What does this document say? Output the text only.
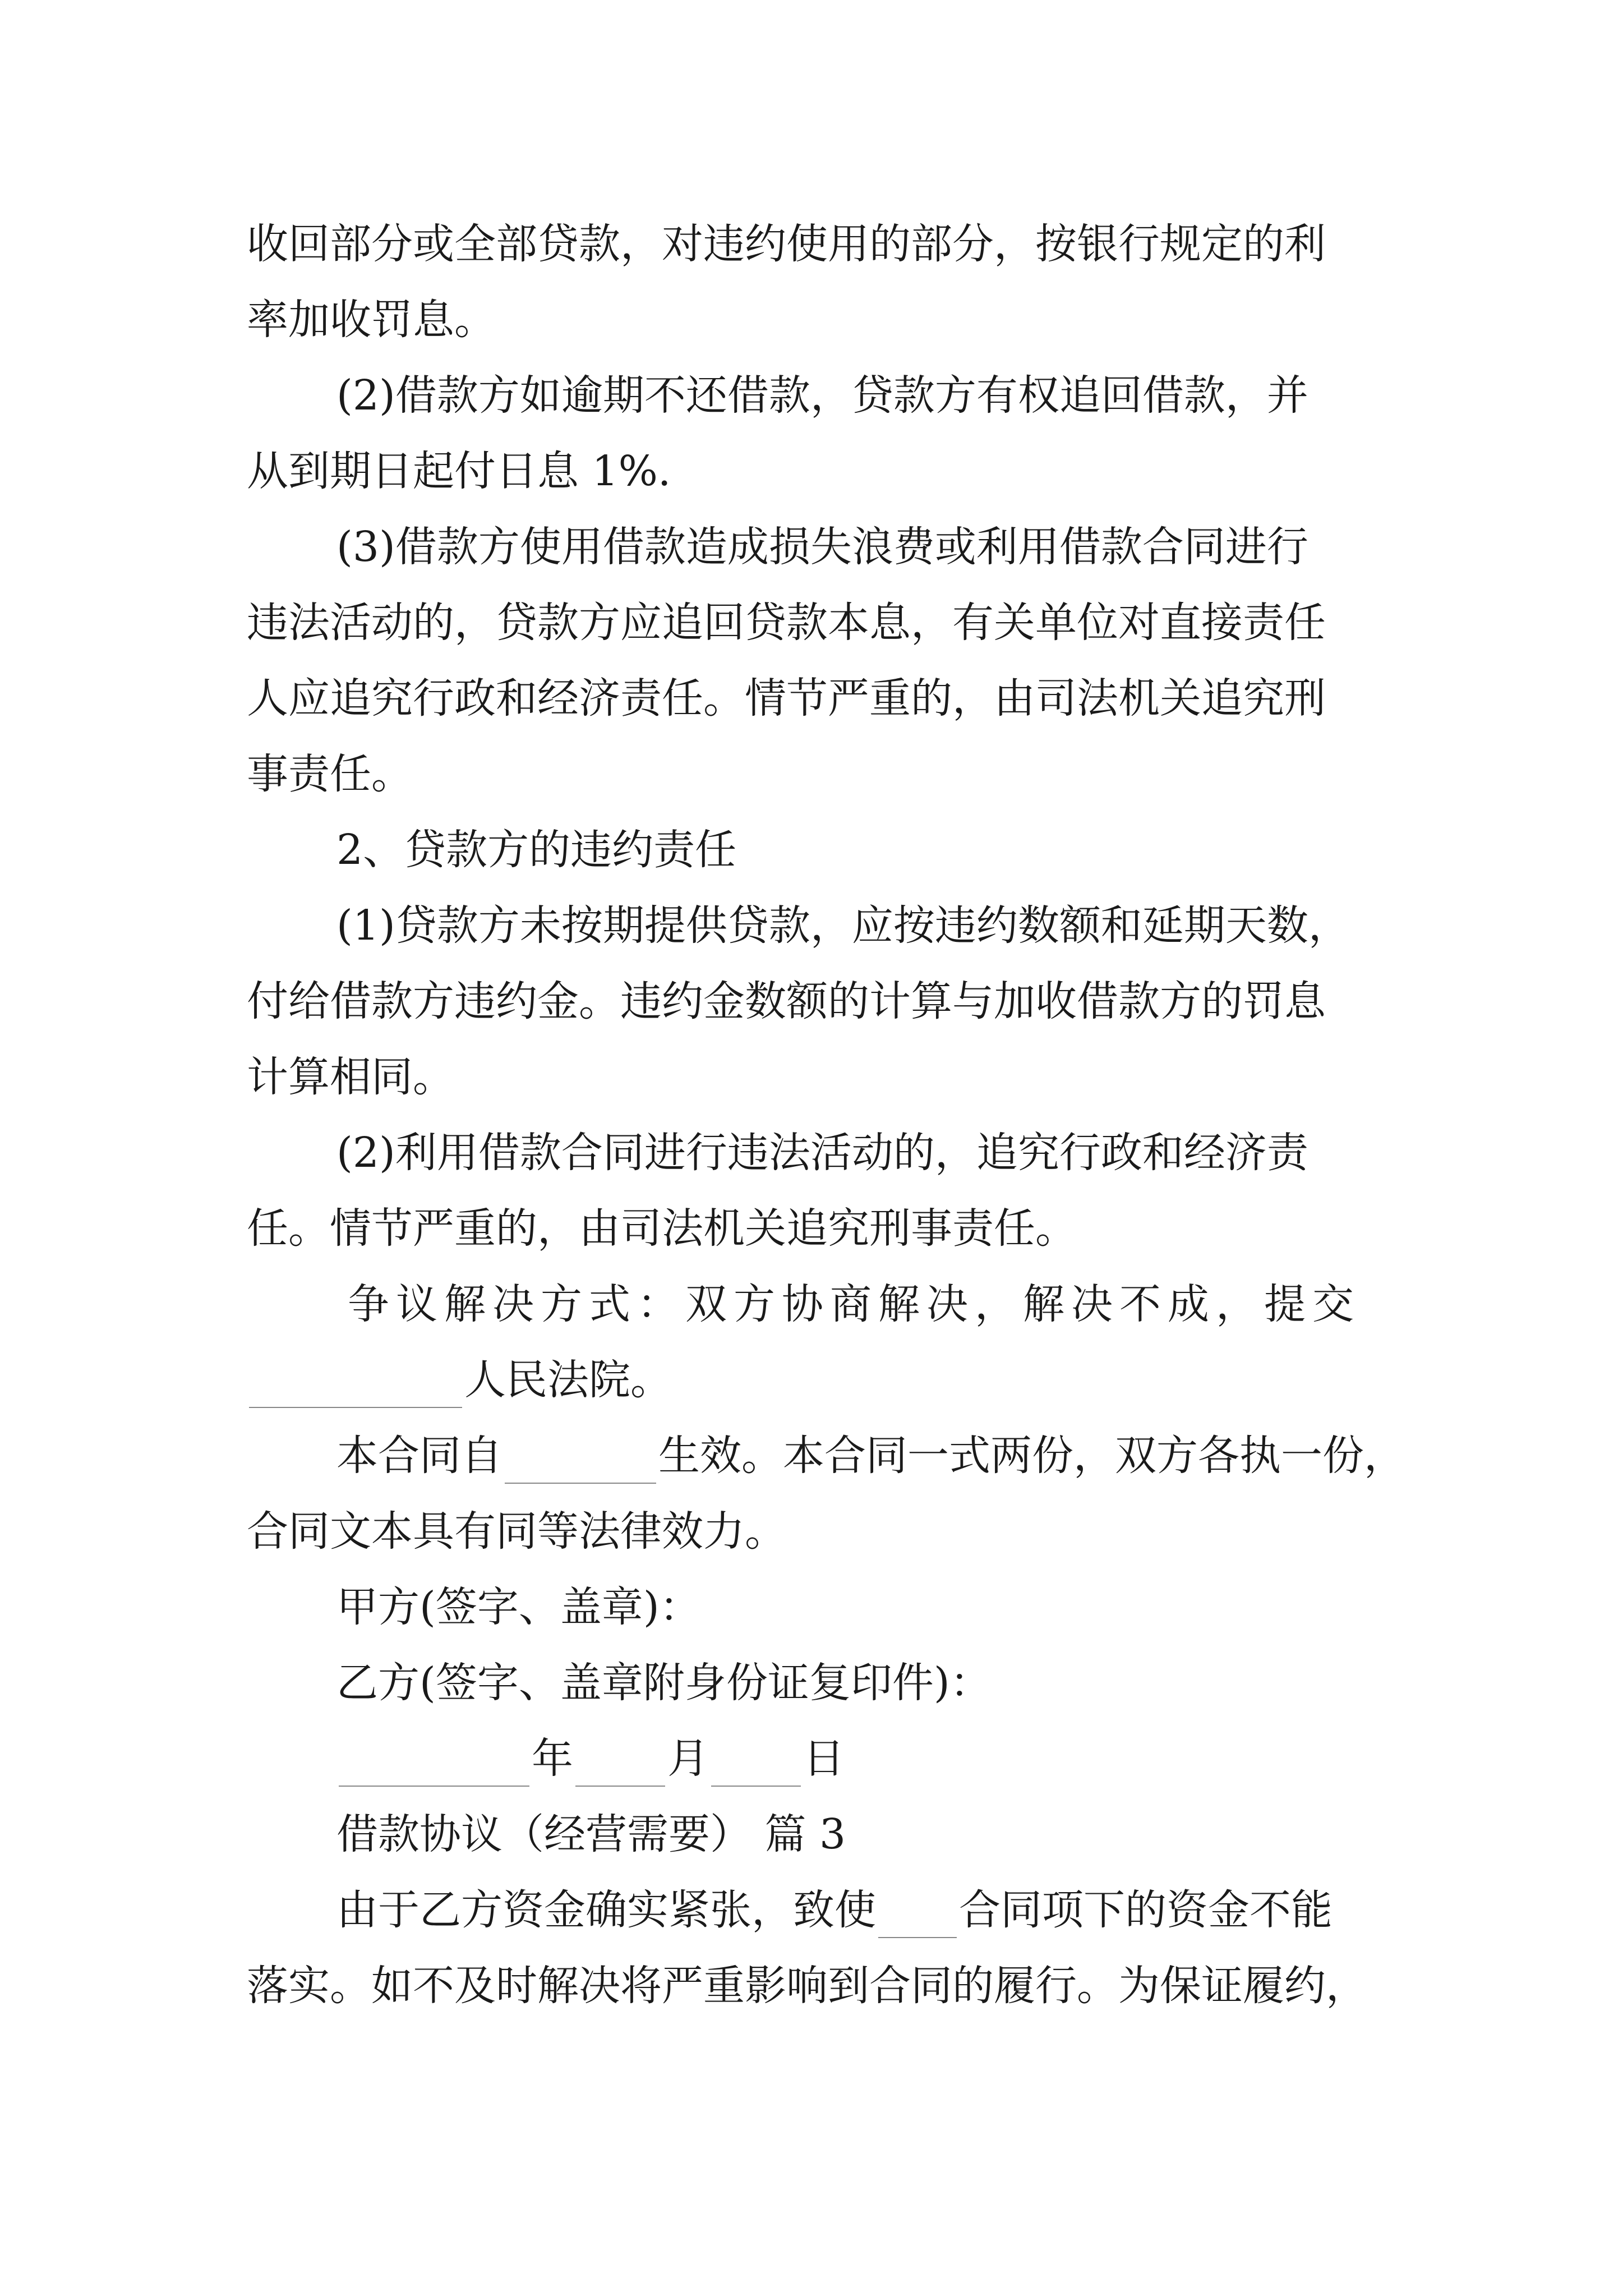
收回部分或全部贷款，对违约使用的部分，按银行规定的利
率加收罚息。
(2)借款方如逾期不还借款，贷款方有权追回借款，并
从到期日起付日息 1%.
(3)借款方使用借款造成损失浪费或利用借款合同进行
违法活动的，贷款方应追回贷款本息，有关单位对直接责任
人应追究行政和经济责任。情节严重的，由司法机关追究刑
事责任。
2、贷款方的违约责任
(1)贷款方未按期提供贷款，应按违约数额和延期天数，
付给借款方违约金。违约金数额的计算与加收借款方的罚息
计算相同。
(2)利用借款合同进行违法活动的，追究行政和经济责
任。情节严重的，由司法机关追究刑事责任。
争议解决方式：双方协商解决，解决不成，提交
人民法院。
本合同自	生效。本合同一式两份，双方各执一份，
合同文本具有同等法律效力。
甲方(签字、盖章)：
乙方(签字、盖章附身份证复印件)：
年 月 日
借款协议（经营需要） 篇 3
由于乙方资金确实紧张，致使 合同项下的资金不能
落实。如不及时解决将严重影响到合同的履行。为保证履约，
